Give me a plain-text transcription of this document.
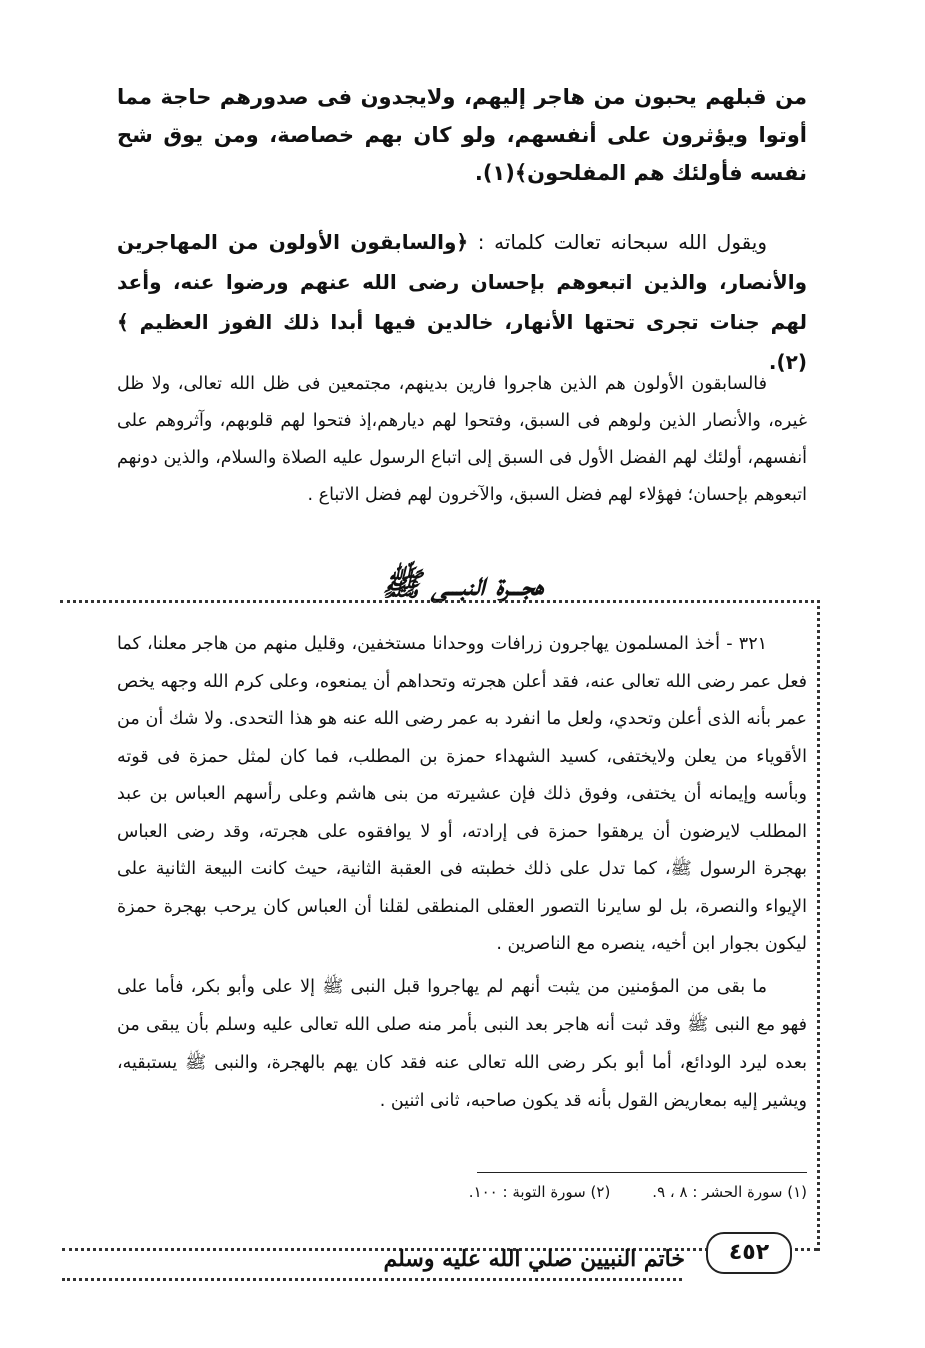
من قبلهم يحبون من هاجر إليهم، ولايجدون فى صدورهم حاجة مما أوتوا ويؤثرون على أنفسهم، ولو كان بهم خصاصة، ومن يوق شح نفسه فأولئك هم المفلحون﴾(١).

ويقول الله سبحانه تعالت كلماته : ﴿والسابقون الأولون من المهاجرين والأنصار، والذين اتبعوهم بإحسان رضى الله عنهم ورضوا عنه، وأعد لهم جنات تجرى تحتها الأنهار، خالدين فيها أبدا ذلك الفوز العظيم ﴾ (٢).

فالسابقون الأولون هم الذين هاجروا فارين بدينهم، مجتمعين فى ظل الله تعالى، ولا ظل غيره، والأنصار الذين ولوهم فى السبق، وفتحوا لهم ديارهم،إذ فتحوا لهم قلوبهم، وآثروهم على أنفسهم، أولئك لهم الفضل الأول فى السبق إلى اتباع الرسول عليه الصلاة والسلام، والذين دونهم اتبعوهم بإحسان؛ فهؤلاء لهم فضل السبق، والآخرون لهم فضل الاتباع .

هجـــرة النبـــى ﷺ

٣٢١ - أخذ المسلمون يهاجرون زرافات ووحدانا مستخفين، وقليل منهم من هاجر معلنا، كما فعل عمر رضى الله تعالى عنه، فقد أعلن هجرته وتحداهم أن يمنعوه، وعلى كرم الله وجهه يخص عمر بأنه الذى أعلن وتحدي، ولعل ما انفرد به عمر رضى الله عنه هو هذا التحدى. ولا شك أن من الأقوياء من يعلن ولايختفى، كسيد الشهداء حمزة بن المطلب، فما كان لمثل حمزة فى قوته وبأسه وإيمانه أن يختفى، وفوق ذلك فإن عشيرته من بنى هاشم وعلى رأسهم العباس بن عبد المطلب لايرضون أن يرهقوا حمزة فى إرادته، أو لا يوافقوه على هجرته، وقد رضى العباس بهجرة الرسول ﷺ، كما تدل على ذلك خطبته فى العقبة الثانية، حيث كانت البيعة الثانية على الإيواء والنصرة، بل لو سايرنا التصور العقلى المنطقى لقلنا أن العباس كان يرحب بهجرة حمزة ليكون بجوار ابن أخيه، ينصره مع الناصرين .

ما بقى من المؤمنين من يثبت أنهم لم يهاجروا قبل النبى ﷺ إلا على وأبو بكر، فأما على فهو مع النبى ﷺ وقد ثبت أنه هاجر بعد النبى بأمر منه صلى الله تعالى عليه وسلم بأن يبقى من بعده ليرد الودائع، أما أبو بكر رضى الله تعالى عنه فقد كان يهم بالهجرة، والنبى ﷺ يستبقيه، ويشير إليه بمعاريض القول بأنه قد يكون صاحبه، ثانى اثنين .

(١) سورة الحشر : ٨ ، ٩.(٢) سورة التوبة : ١٠٠.
٤٥٢
خاتم النبيين صلي الله عليه وسلم
